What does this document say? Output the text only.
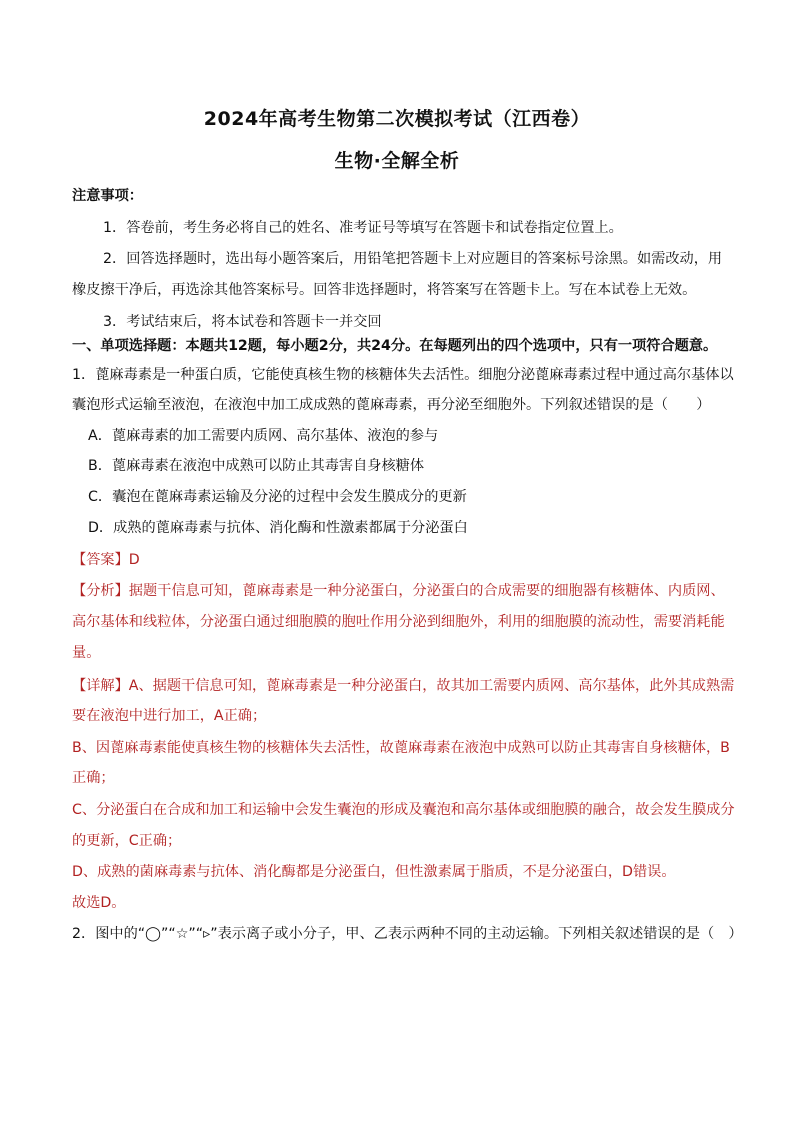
2024年高考生物第二次模拟考试（江西卷）
生物·全解全析
注意事项：
1．答卷前，考生务必将自己的姓名、准考证号等填写在答题卡和试卷指定位置上。
2．回答选择题时，选出每小题答案后，用铅笔把答题卡上对应题目的答案标号涂黑。如需改动，用
橡皮擦干净后，再选涂其他答案标号。回答非选择题时，将答案写在答题卡上。写在本试卷上无效。
3．考试结束后，将本试卷和答题卡一并交回
一、单项选择题：本题共12题，每小题2分，共24分。在每题列出的四个选项中，只有一项符合题意。
1．蓖麻毒素是一种蛋白质，它能使真核生物的核糖体失去活性。细胞分泌蓖麻毒素过程中通过高尔基体以
囊泡形式运输至液泡，在液泡中加工成成熟的蓖麻毒素，再分泌至细胞外。下列叙述错误的是（　　）
A．蓖麻毒素的加工需要内质网、高尔基体、液泡的参与
B．蓖麻毒素在液泡中成熟可以防止其毒害自身核糖体
C．囊泡在蓖麻毒素运输及分泌的过程中会发生膜成分的更新
D．成熟的蓖麻毒素与抗体、消化酶和性激素都属于分泌蛋白
【答案】D
【分析】据题干信息可知，蓖麻毒素是一种分泌蛋白，分泌蛋白的合成需要的细胞器有核糖体、内质网、
高尔基体和线粒体，分泌蛋白通过细胞膜的胞吐作用分泌到细胞外，利用的细胞膜的流动性，需要消耗能
量。
【详解】A、据题干信息可知，蓖麻毒素是一种分泌蛋白，故其加工需要内质网、高尔基体，此外其成熟需
要在液泡中进行加工，A正确；
B、因蓖麻毒素能使真核生物的核糖体失去活性，故蓖麻毒素在液泡中成熟可以防止其毒害自身核糖体，B
正确；
C、分泌蛋白在合成和加工和运输中会发生囊泡的形成及囊泡和高尔基体或细胞膜的融合，故会发生膜成分
的更新，C正确；
D、成熟的菌麻毒素与抗体、消化酶都是分泌蛋白，但性激素属于脂质，不是分泌蛋白，D错误。
故选D。
2．图中的“◯”“☆”“▹”表示离子或小分子，甲、乙表示两种不同的主动运输。下列相关叙述错误的是（　）
